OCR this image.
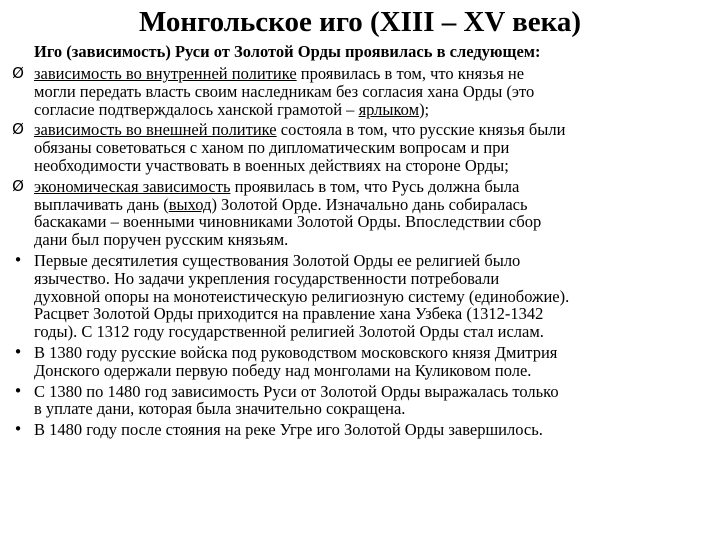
Монгольское иго (XIII – XV века)
Иго (зависимость) Руси от Золотой Орды проявилась в следующем:
Ø зависимость во внутренней политике проявилась в том, что князья не
могли передать власть своим наследникам без согласия хана Орды (это
согласие подтверждалось ханской грамотой – ярлыком);
Ø зависимость во внешней политике состояла в том, что русские князья были
обязаны советоваться с ханом по дипломатическим вопросам и при
необходимости участвовать в военных действиях на стороне Орды;
Ø экономическая зависимость проявилась в том, что Русь должна была
выплачивать дань (выход) Золотой Орде. Изначально дань собиралась
баскаками – военными чиновниками Золотой Орды. Впоследствии сбор
дани был поручен русским князьям.
• Первые десятилетия существования Золотой Орды ее религией было
язычество. Но задачи укрепления государственности потребовали
духовной опоры на монотеистическую религиозную систему (единобожие).
Расцвет Золотой Орды приходится на правление хана Узбека (1312-1342
годы). С 1312 году государственной религией Золотой Орды стал ислам.
• В 1380 году русские войска под руководством московского князя Дмитрия
Донского одержали первую победу над монголами на Куликовом поле.
• С 1380 по 1480 год зависимость Руси от Золотой Орды выражалась только
в уплате дани, которая была значительно сокращена.
• В 1480 году после стояния на реке Угре иго Золотой Орды завершилось.
